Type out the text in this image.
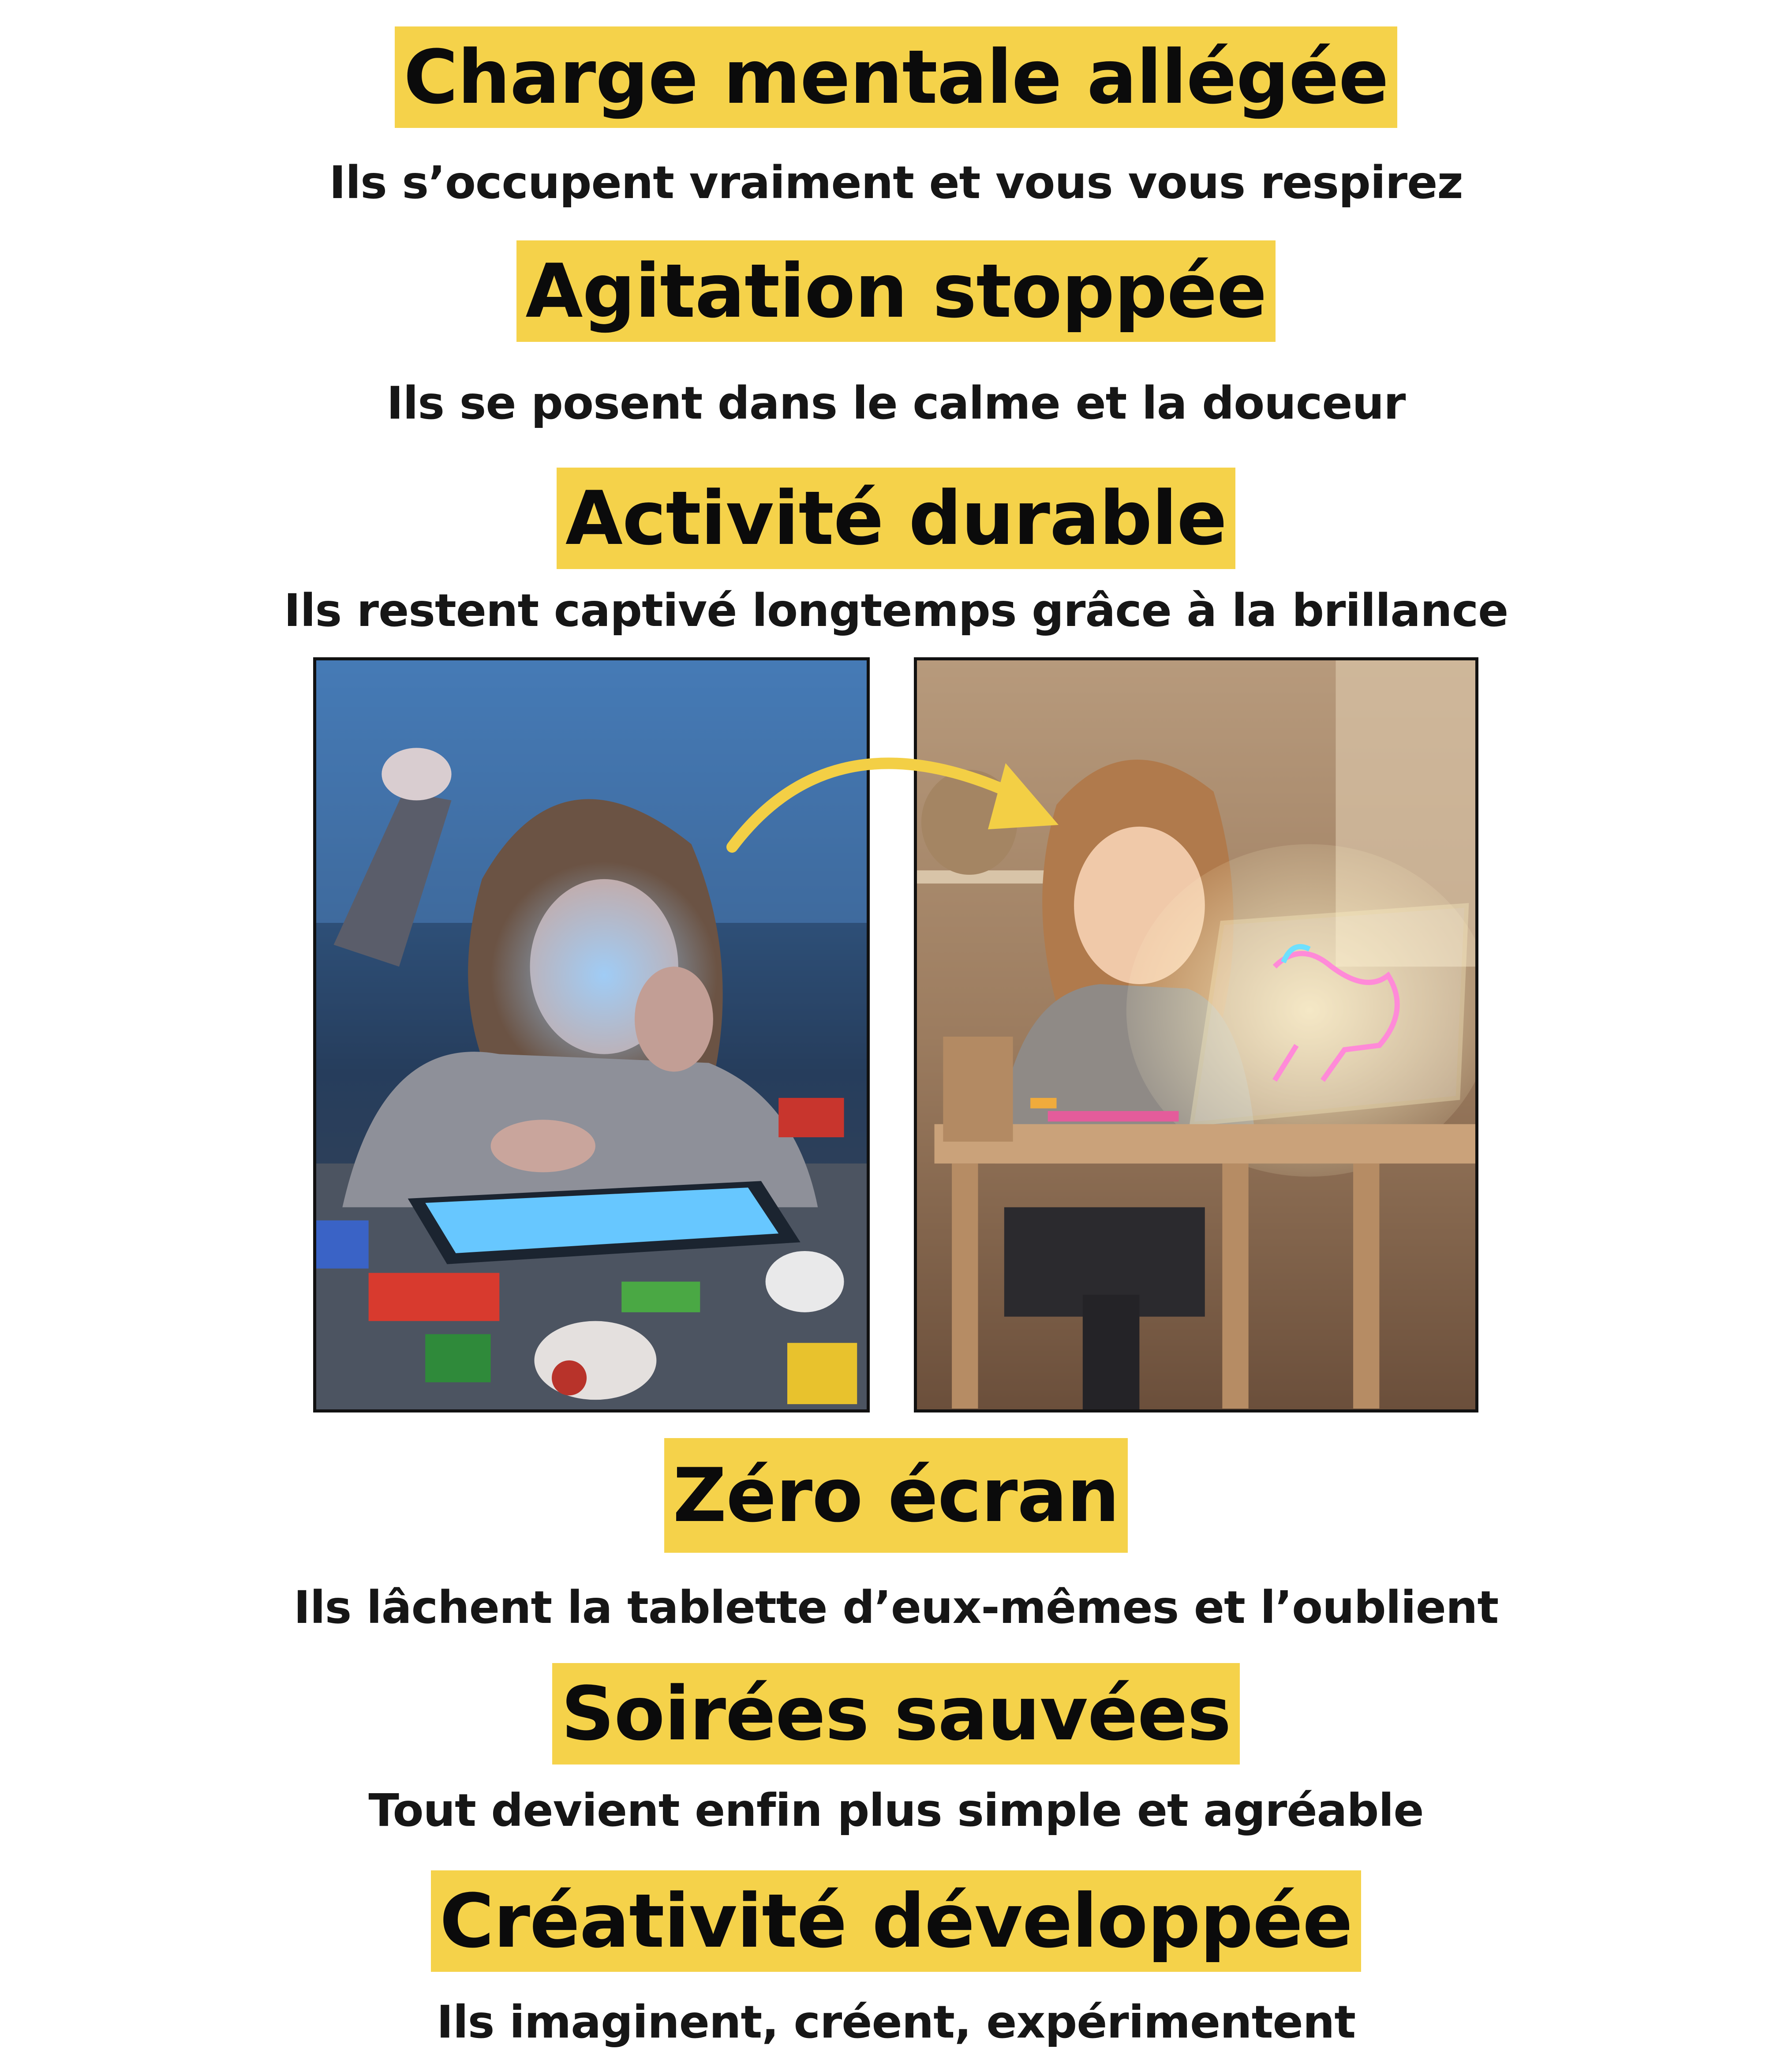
Charge mentale allégée
Ils s’occupent vraiment et vous vous respirez
Agitation stoppée
Ils se posent dans le calme et la douceur
Activité durable
Ils restent captivé longtemps grâce à la brillance
Zéro écran
Ils lâchent la tablette d’eux-mêmes et l’oublient
Soirées sauvées
Tout devient enfin plus simple et agréable
Créativité développée
Ils imaginent, créent, expérimentent
